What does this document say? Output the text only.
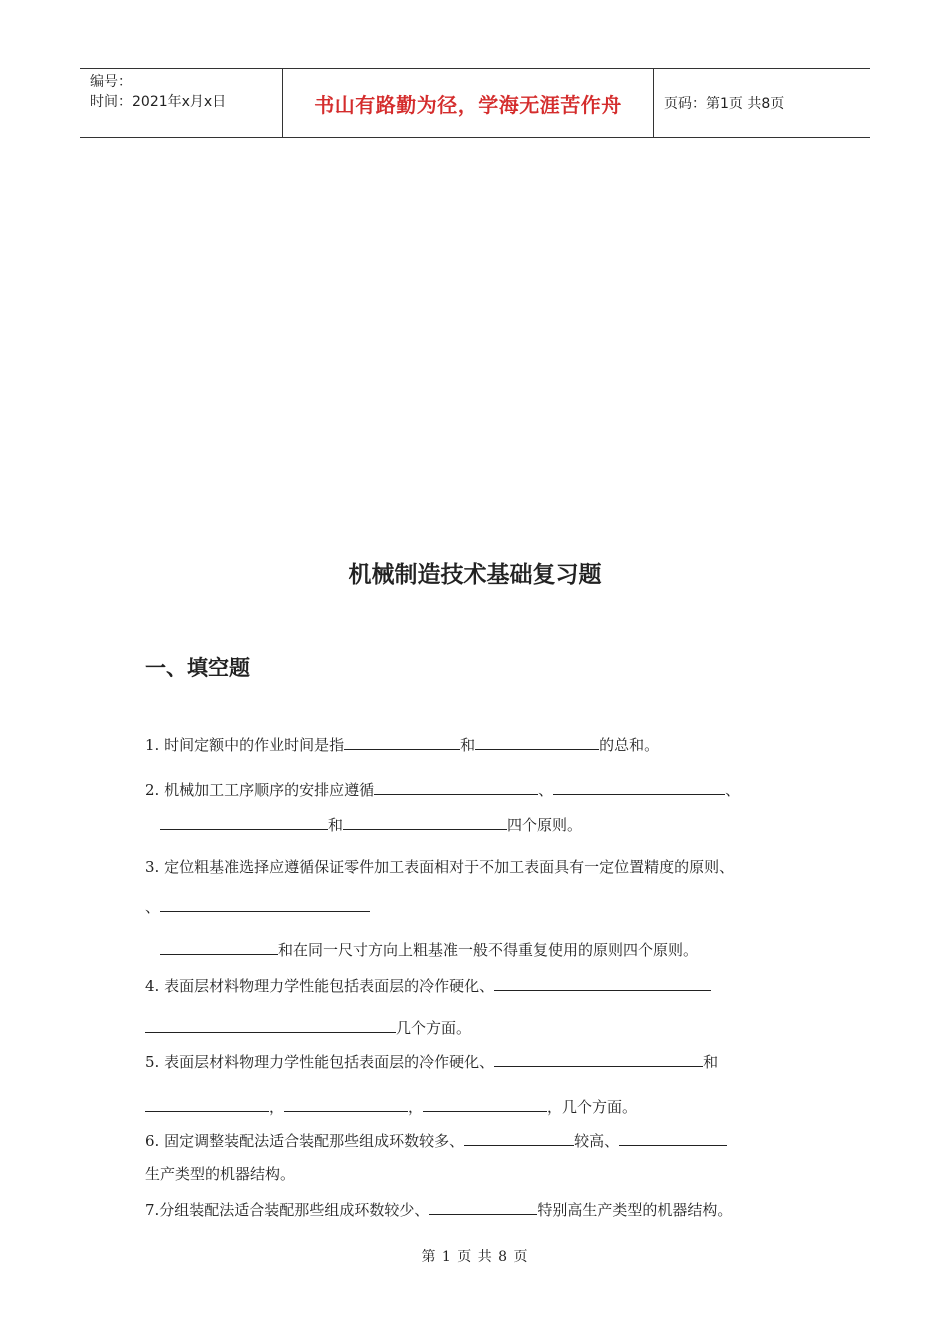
编号：
时间：2021年x月x日	书山有路勤为径，学海无涯苦作舟	页码：第1页 共8页
机械制造技术基础复习题
一、填空题
1. 时间定额中的作业时间是指	和	的总和。
2. 机械加工工序顺序的安排应遵循	、	、
和	四个原则。
3. 定位粗基准选择应遵循保证零件加工表面相对于不加工表面具有一定位置精度的原则、
、
和在同一尺寸方向上粗基准一般不得重复使用的原则四个原则。
4. 表面层材料物理力学性能包括表面层的冷作硬化、
几个方面。
5. 表面层材料物理力学性能包括表面层的冷作硬化、	和
，	，	，几个方面。
6. 固定调整装配法适合装配那些组成环数较多、	较高、
生产类型的机器结构。
7.分组装配法适合装配那些组成环数较少、	特别高生产类型的机器结构。
第 1 页 共 8 页
